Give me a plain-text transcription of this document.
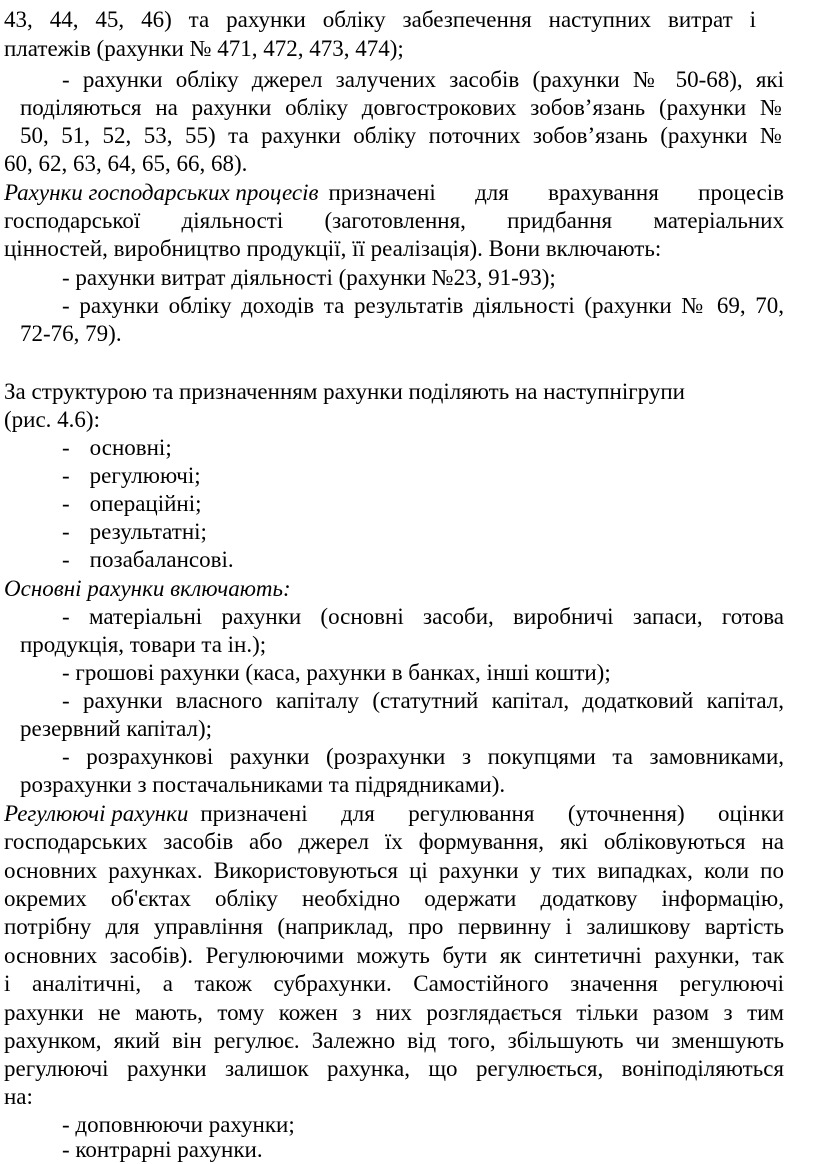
43, 44, 45, 46) та рахунки обліку забезпечення наступних витрат і
платежів (рахунки № 471, 472, 473, 474);
- рахунки обліку джерел залучених засобів (рахунки № 50-68), які
поділяються на рахунки обліку довгострокових зобов’язань (рахунки №
50, 51, 52, 53, 55) та рахунки обліку поточних зобов’язань (рахунки №
60, 62, 63, 64, 65, 66, 68).
Рахунки господарських процесів призначені для врахування процесів
господарської діяльності (заготовлення, придбання матеріальних
цінностей, виробництво продукції, її реалізація). Вони включають:
- рахунки витрат діяльності (рахунки №23, 91-93);
- рахунки обліку доходів та результатів діяльності (рахунки № 69, 70,
72-76, 79).
За структурою та призначенням рахунки поділяють на наступнігрупи
(рис. 4.6):
- основні;
- регулюючі;
- операційні;
- результатні;
- позабалансові.
Основні рахунки включають:
- матеріальні рахунки (основні засоби, виробничі запаси, готова
продукція, товари та ін.);
- грошові рахунки (каса, рахунки в банках, інші кошти);
- рахунки власного капіталу (статутний капітал, додатковий капітал,
резервний капітал);
- розрахункові рахунки (розрахунки з покупцями та замовниками,
розрахунки з постачальниками та підрядниками).
Регулюючі рахунки призначені для регулювання (уточнення) оцінки
господарських засобів або джерел їх формування, які обліковуються на
основних рахунках. Використовуються ці рахунки у тих випадках, коли по
окремих об'єктах обліку необхідно одержати додаткову інформацію,
потрібну для управління (наприклад, про первинну і залишкову вартість
основних засобів). Регулюючими можуть бути як синтетичні рахунки, так
і аналітичні, а також субрахунки. Самостійного значення регулюючі
рахунки не мають, тому кожен з них розглядається тільки разом з тим
рахунком, який він регулює. Залежно від того, збільшують чи зменшують
регулюючі рахунки залишок рахунка, що регулюється, воніподіляються
на:
- доповнюючи рахунки;
- контрарні рахунки.
